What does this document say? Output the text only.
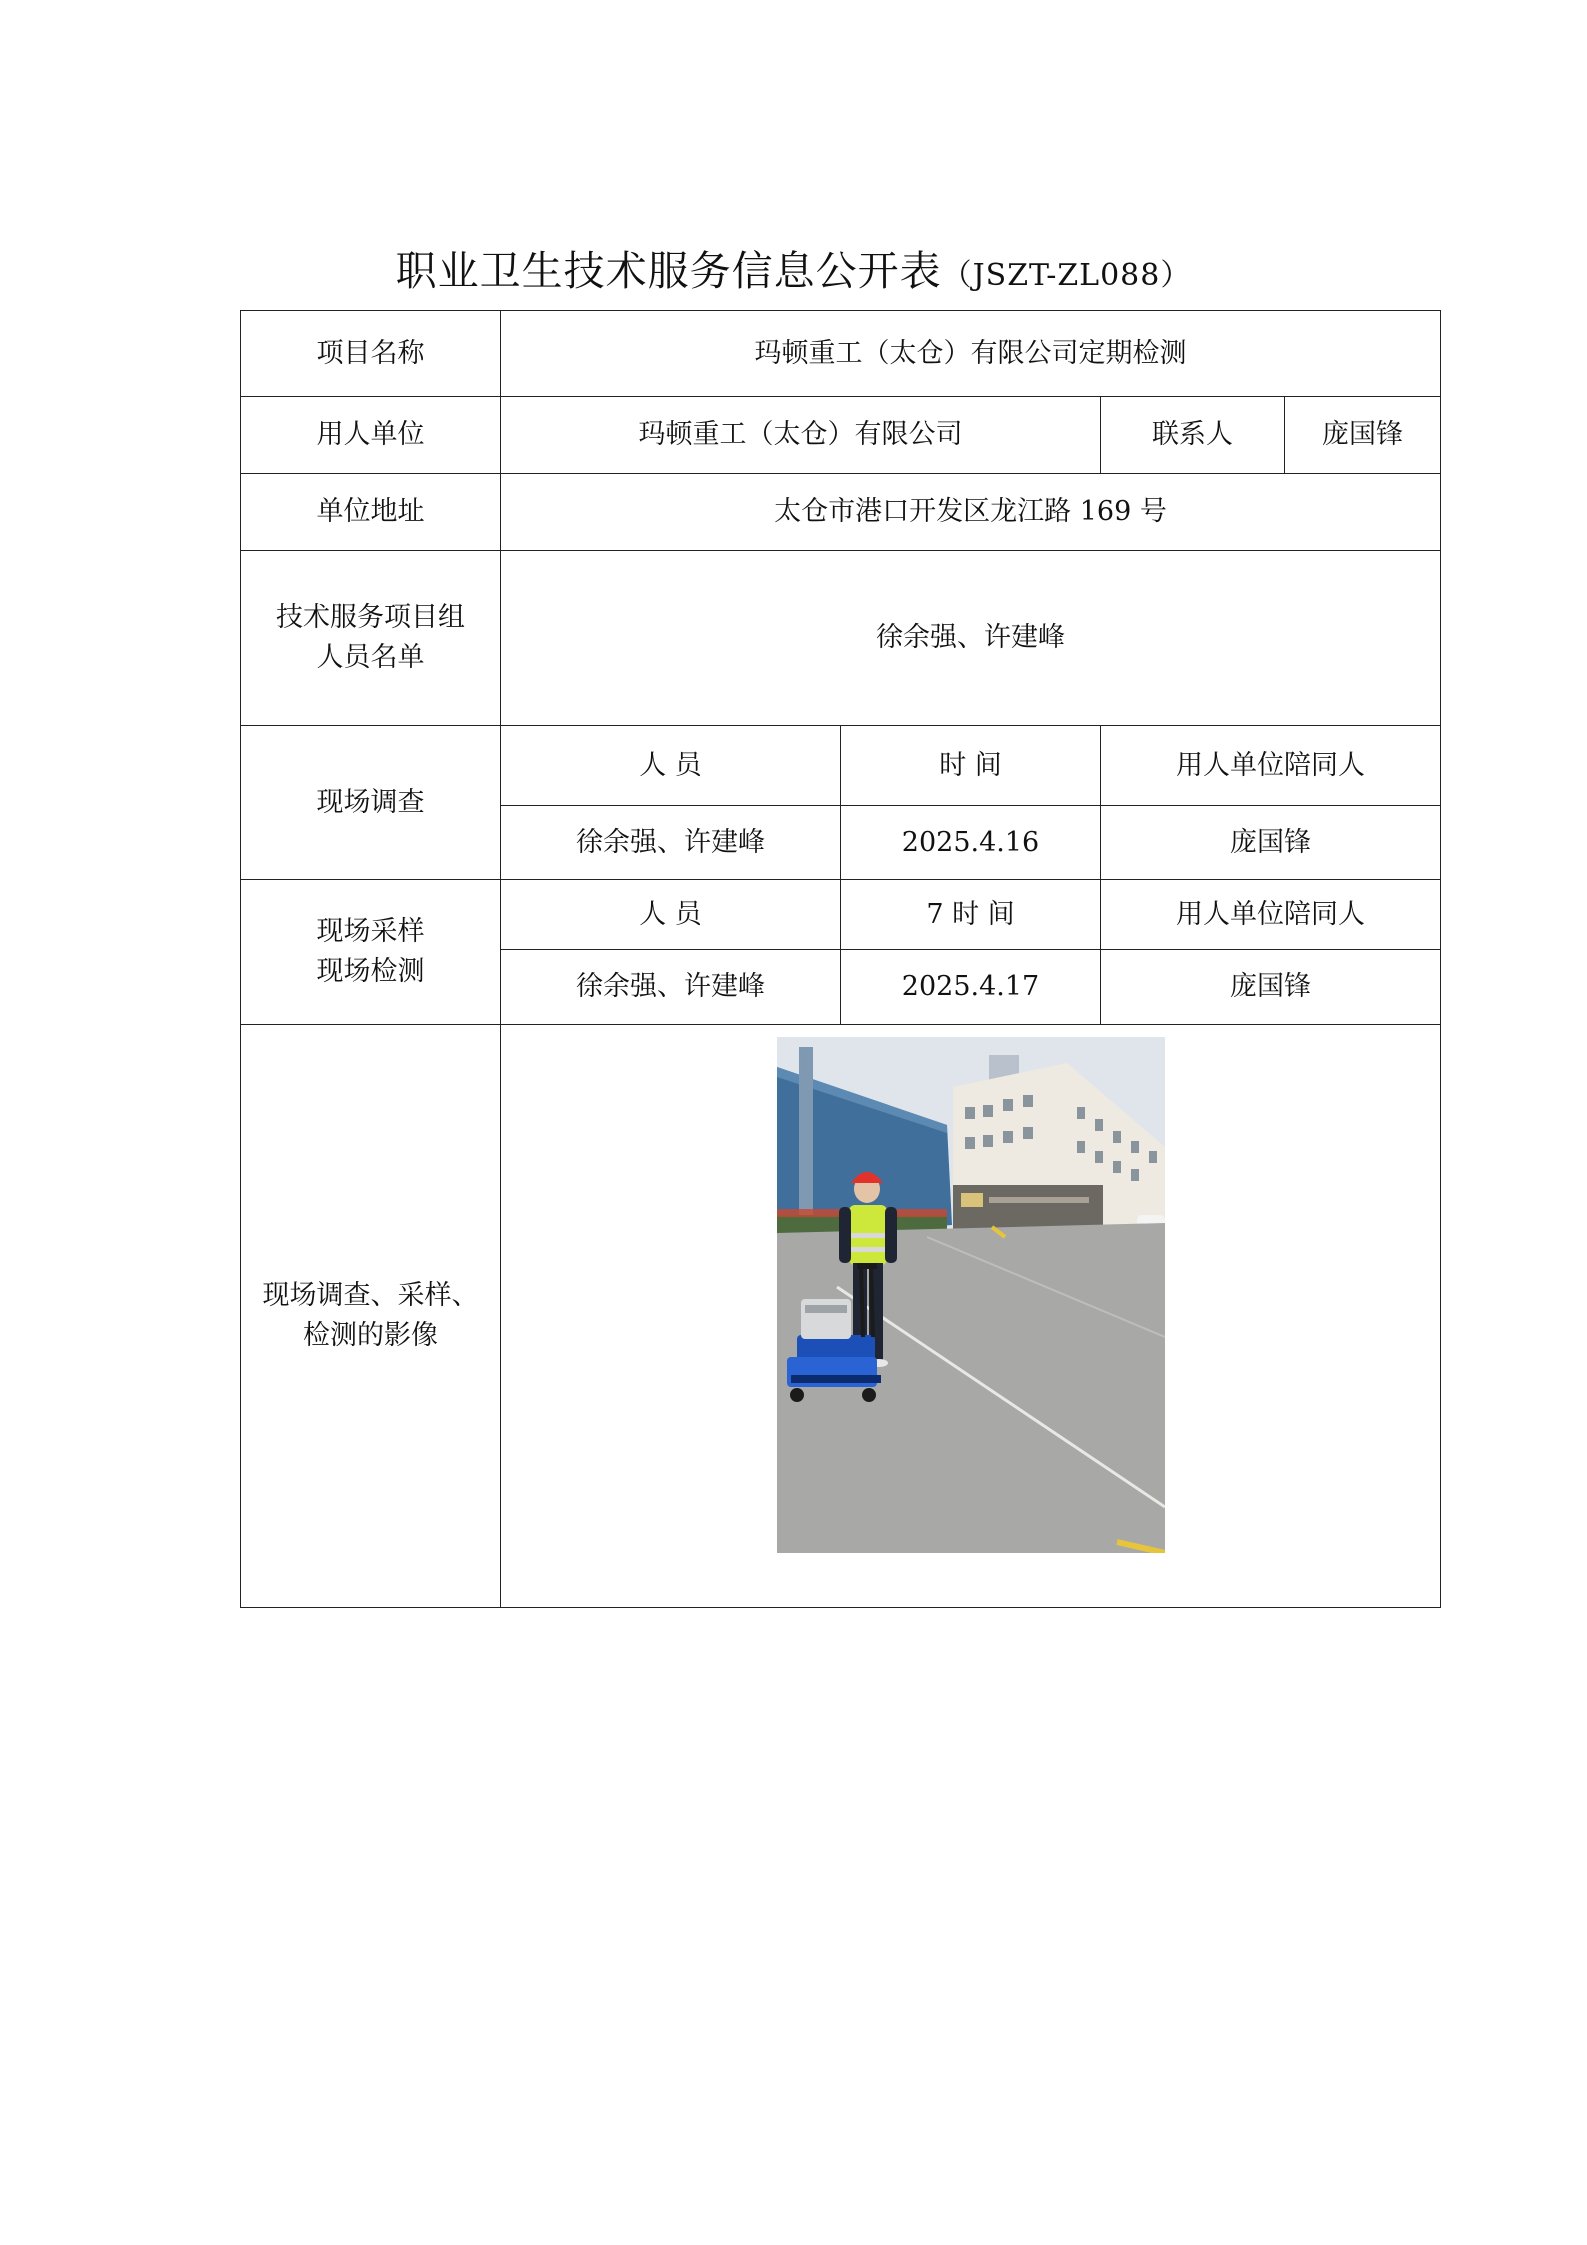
职业卫生技术服务信息公开表（JSZT-ZL088）
项目名称	玛顿重工（太仓）有限公司定期检测			
用人单位	玛顿重工（太仓）有限公司		联系人	庞国锋
单位地址	太仓市港口开发区龙江路 169 号			

技术服务项目组
人员名单	徐余强、许建峰			
现场调查	人 员	时 间	用人单位陪同人	
	徐余强、许建峰	2025.4.16	庞国锋	

现场采样
现场检测	人 员	7 时 间	用人单位陪同人	
	徐余强、许建峰	2025.4.17	庞国锋	

现场调查、采样、
检测的影像
